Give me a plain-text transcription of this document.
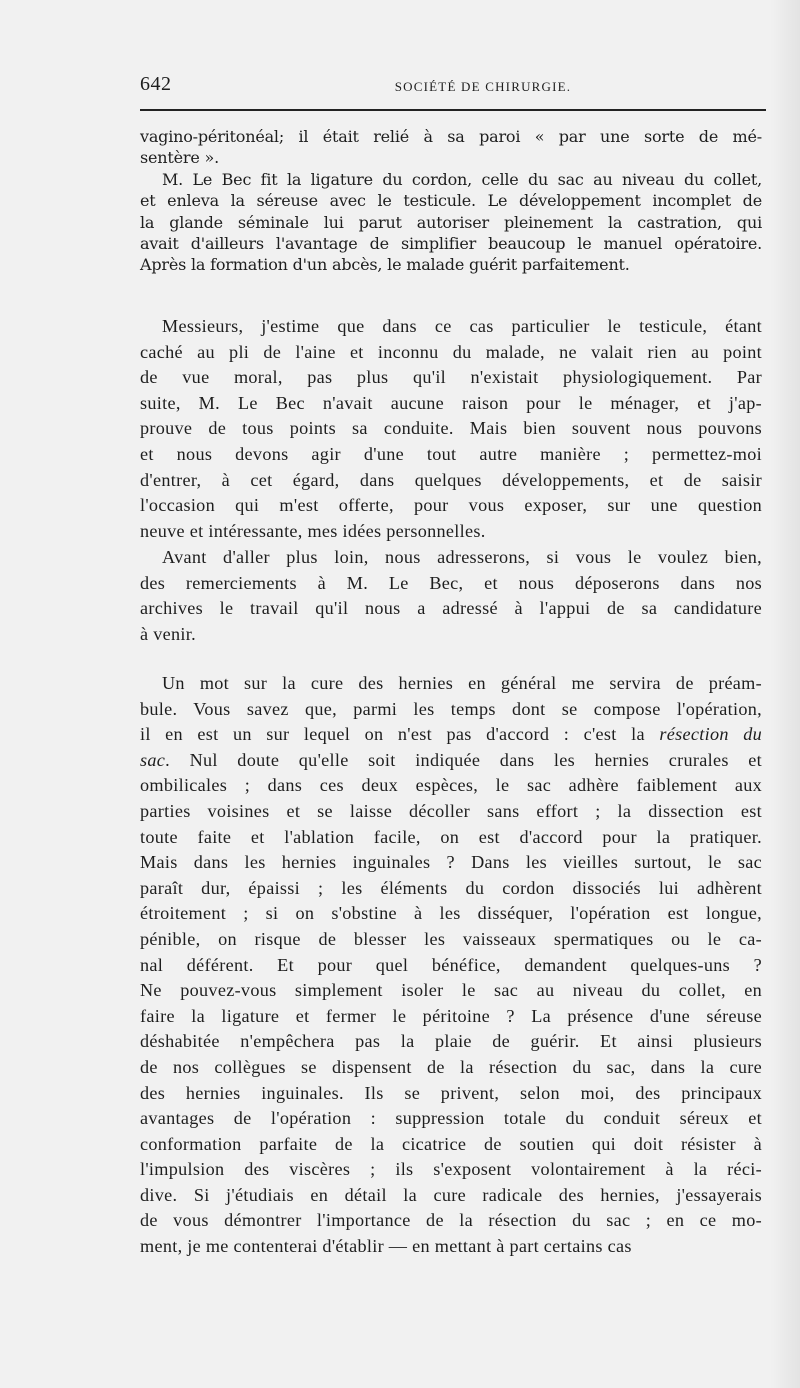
642	SOCIÉTÉ DE CHIRURGIE.

vagino-péritonéal; il était relié à sa paroi « par une sorte de mé-
sentère ».

M. Le Bec fit la ligature du cordon, celle du sac au niveau du collet,
et enleva la séreuse avec le testicule. Le développement incomplet de
la glande séminale lui parut autoriser pleinement la castration, qui
avait d'ailleurs l'avantage de simplifier beaucoup le manuel opératoire.
Après la formation d'un abcès, le malade guérit parfaitement.

Messieurs, j'estime que dans ce cas particulier le testicule, étant
caché au pli de l'aine et inconnu du malade, ne valait rien au point
de vue moral, pas plus qu'il n'existait physiologiquement. Par
suite, M. Le Bec n'avait aucune raison pour le ménager, et j'ap-
prouve de tous points sa conduite. Mais bien souvent nous pouvons
et nous devons agir d'une tout autre manière ; permettez-moi
d'entrer, à cet égard, dans quelques développements, et de saisir
l'occasion qui m'est offerte, pour vous exposer, sur une question
neuve et intéressante, mes idées personnelles.

Avant d'aller plus loin, nous adresserons, si vous le voulez bien,
des remerciements à M. Le Bec, et nous déposerons dans nos
archives le travail qu'il nous a adressé à l'appui de sa candidature
à venir.

Un mot sur la cure des hernies en général me servira de préam-
bule. Vous savez que, parmi les temps dont se compose l'opération,
il en est un sur lequel on n'est pas d'accord : c'est la résection du
sac. Nul doute qu'elle soit indiquée dans les hernies crurales et
ombilicales ; dans ces deux espèces, le sac adhère faiblement aux
parties voisines et se laisse décoller sans effort ; la dissection est
toute faite et l'ablation facile, on est d'accord pour la pratiquer.
Mais dans les hernies inguinales ? Dans les vieilles surtout, le sac
paraît dur, épaissi ; les éléments du cordon dissociés lui adhèrent
étroitement ; si on s'obstine à les disséquer, l'opération est longue,
pénible, on risque de blesser les vaisseaux spermatiques ou le ca-
nal déférent. Et pour quel bénéfice, demandent quelques-uns ?
Ne pouvez-vous simplement isoler le sac au niveau du collet, en
faire la ligature et fermer le péritoine ? La présence d'une séreuse
déshabitée n'empêchera pas la plaie de guérir. Et ainsi plusieurs
de nos collègues se dispensent de la résection du sac, dans la cure
des hernies inguinales. Ils se privent, selon moi, des principaux
avantages de l'opération : suppression totale du conduit séreux et
conformation parfaite de la cicatrice de soutien qui doit résister à
l'impulsion des viscères ; ils s'exposent volontairement à la réci-
dive. Si j'étudiais en détail la cure radicale des hernies, j'essayerais
de vous démontrer l'importance de la résection du sac ; en ce mo-
ment, je me contenterai d'établir — en mettant à part certains cas
